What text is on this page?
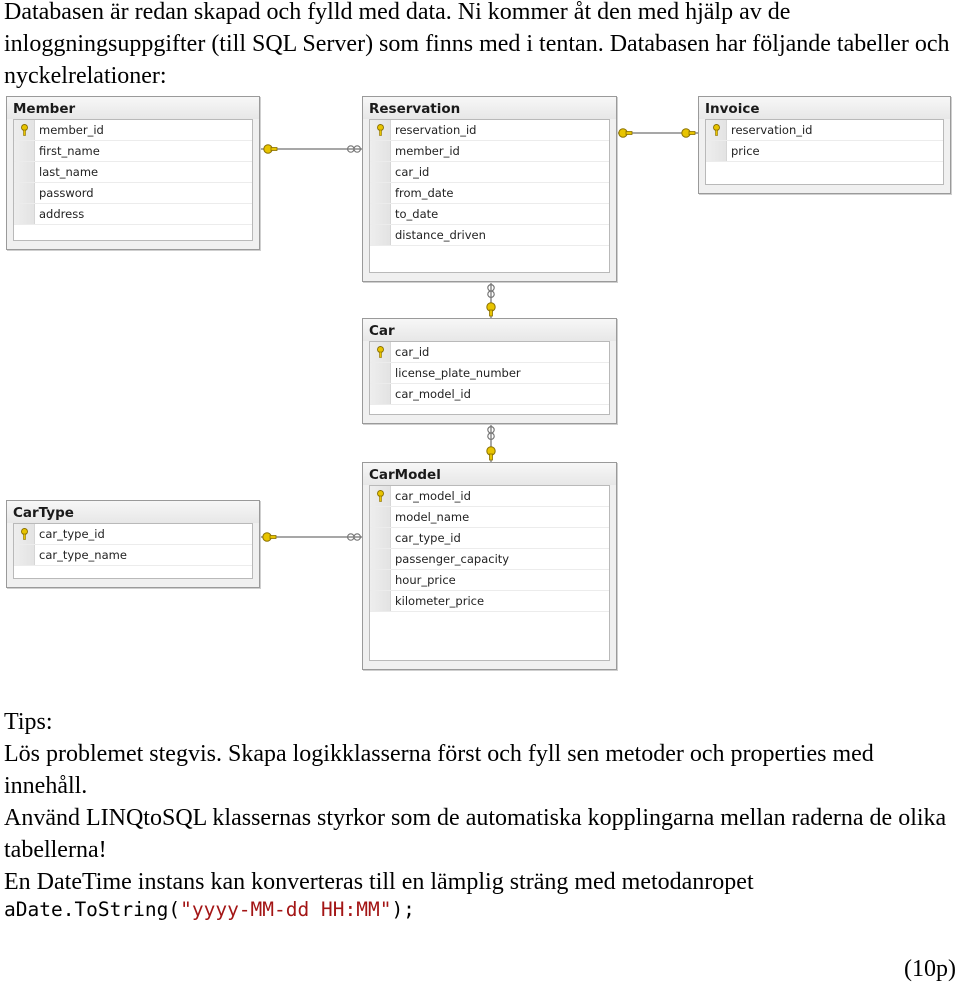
Databasen är redan skapad och fylld med data. Ni kommer åt den med hjälp av de inloggningsuppgifter (till SQL Server) som finns med i tentan. Databasen har följande tabeller och nyckelrelationer:

Member
member_id
first_name
last_name
password
address
Reservation
reservation_id
member_id
car_id
from_date
to_date
distance_driven
Invoice
reservation_id
price
Car
car_id
license_plate_number
car_model_id
CarModel
car_model_id
model_name
car_type_id
passenger_capacity
hour_price
kilometer_price
CarType
car_type_id
car_type_name

Tips:

Lös problemet stegvis. Skapa logikklasserna först och fyll sen metoder och properties med innehåll.

Använd LINQtoSQL klassernas styrkor som de automatiska kopplingarna mellan raderna de olika tabellerna!

En DateTime instans kan konverteras till en lämplig sträng med metodanropet

aDate.ToString("yyyy-MM-dd HH:MM");
(10p)
